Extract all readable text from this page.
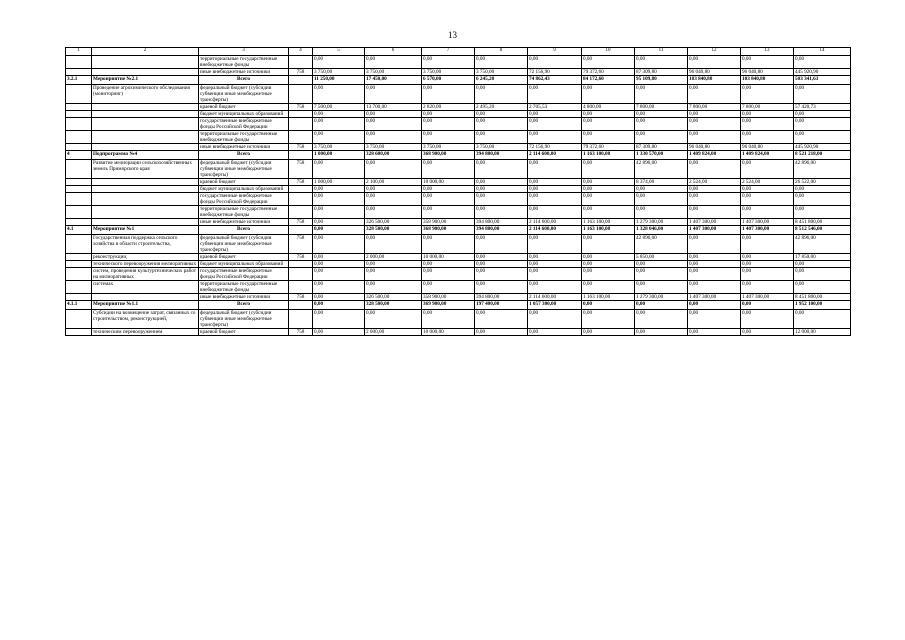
13
1	2	3	4	5	6	7	8	9	10	11	12	13	14
		территориальные государственные внебюджетные фонды		0,00	0,00	0,00	0,00	0,00	0,00	0,00	0,00	0,00	0,00
		иные внебюджетные источники	758	3 750,00	3 750,00	3 750,00	3 750,00	72 156,90	79 372,60	87 309,80	96 040,80	96 040,80	445 920,90
3.2.1	Мероприятие №2.1	Всего		11 250,00	17 450,00	6 570,00	6 245,20	74 862,43	84 172,60	95 109,80	103 840,80	103 840,80	503 341,63
	Проведение агрохимического обследования (мониторинг)	федеральный бюджет (субсидии субвенции иные межбюджетные трансферты)		0,00	0,00	0,00	0,00	0,00	0,00	0,00	0,00	0,00	0,00
		краевой бюджет	758	7 500,00	13 700,00	2 820,00	2 495,20	2 705,53	4 800,00	7 800,00	7 800,00	7 800,00	57 420,73
		бюджет муниципальных образований		0,00	0,00	0,00	0,00	0,00	0,00	0,00	0,00	0,00	0,00
		государственные внебюджетные фонды Российской Федерации		0,00	0,00	0,00	0,00	0,00	0,00	0,00	0,00	0,00	0,00
		территориальные государственные внебюджетные фонды		0,00	0,00	0,00	0,00	0,00	0,00	0,00	0,00	0,00	0,00
		иные внебюджетные источники	758	3 750,00	3 750,00	3 750,00	3 750,00	72 156,90	79 372,60	87 309,80	96 040,80	96 040,80	445 920,90
4	Подпрограмма №4	Всего		1 000,00	328 600,00	368 900,00	394 800,00	2 114 600,00	1 163 100,00	1 330 570,00	1 409 824,00	1 409 824,00	8 521 218,00
	Развитие мелиорации сельскохозяйственных земель Приморского края	федеральный бюджет (субсидии субвенции иные межбюджетные трансферты)	758	0,00	0,00	0,00	0,00	0,00	0,00	42 896,00	0,00	0,00	42 896,00
		краевой бюджет	758	1 000,00	2 100,00	10 000,00	0,00	0,00	0,00	8 374,00	2 524,00	2 524,00	26 522,00
		бюджет муниципальных образований		0,00	0,00	0,00	0,00	0,00	0,00	0,00	0,00	0,00	0,00
		государственные внебюджетные фонды Российской Федерации		0,00	0,00	0,00	0,00	0,00	0,00	0,00	0,00	0,00	0,00
		территориальные государственные внебюджетные фонды		0,00	0,00	0,00	0,00	0,00	0,00	0,00	0,00	0,00	0,00
		иные внебюджетные источники	758	0,00	326 500,00	358 900,00	394 800,00	2 114 600,00	1 163 100,00	1 279 300,00	1 407 300,00	1 407 300,00	8 451 800,00
4.1	Мероприятие №1	Всего		0,00	328 500,00	368 900,00	394 800,00	2 114 600,00	1 163 100,00	1 328 046,00	1 407 300,00	1 407 300,00	8 512 546,00
	Государственная поддержка сельского хозяйства в области строительства,	федеральный бюджет (субсидии субвенции иные межбюджетные трансферты)	758	0,00	0,00	0,00	0,00	0,00	0,00	42 896,00	0,00	0,00	42 896,00
	реконструкции,	краевой бюджет	758	0,00	2 000,00	10 000,00	0,00	0,00	0,00	5 850,00	0,00	0,00	17 850,00
	технического перевооружения мелиоративных	бюджет муниципальных образований		0,00	0,00	0,00	0,00	0,00	0,00	0,00	0,00	0,00	0,00
	систем, проведения культуртехнических работ на мелиоративных	государственные внебюджетные фонды Российской Федерации		0,00	0,00	0,00	0,00	0,00	0,00	0,00	0,00	0,00	0,00
	системах	территориальные государственные внебюджетные фонды		0,00	0,00	0,00	0,00	0,00	0,00	0,00	0,00	0,00	0,00
		иные внебюджетные источники	758	0,00	326 500,00	358 900,00	394 800,00	2 114 600,00	1 163 100,00	1 279 300,00	1 407 300,00	1 407 300,00	8 451 800,00
4.1.1	Мероприятие №1.1	Всего		0,00	328 500,00	369 900,00	197 400,00	1 057 300,00	0,00	0,00	0,00	0,00	1 952 100,00
	Субсидии на возмещение затрат, связанных со строительством, реконструкцией,	федеральный бюджет (субсидии субвенции иные межбюджетные трансферты)		0,00	0,00	0,00	0,00	0,00	0,00	0,00	0,00	0,00	0,00
	техническим перевооружением	краевой бюджет	758	0,00	2 000,00	10 000,00	0,00	0,00	0,00	0,00	0,00	0,00	12 000,00
